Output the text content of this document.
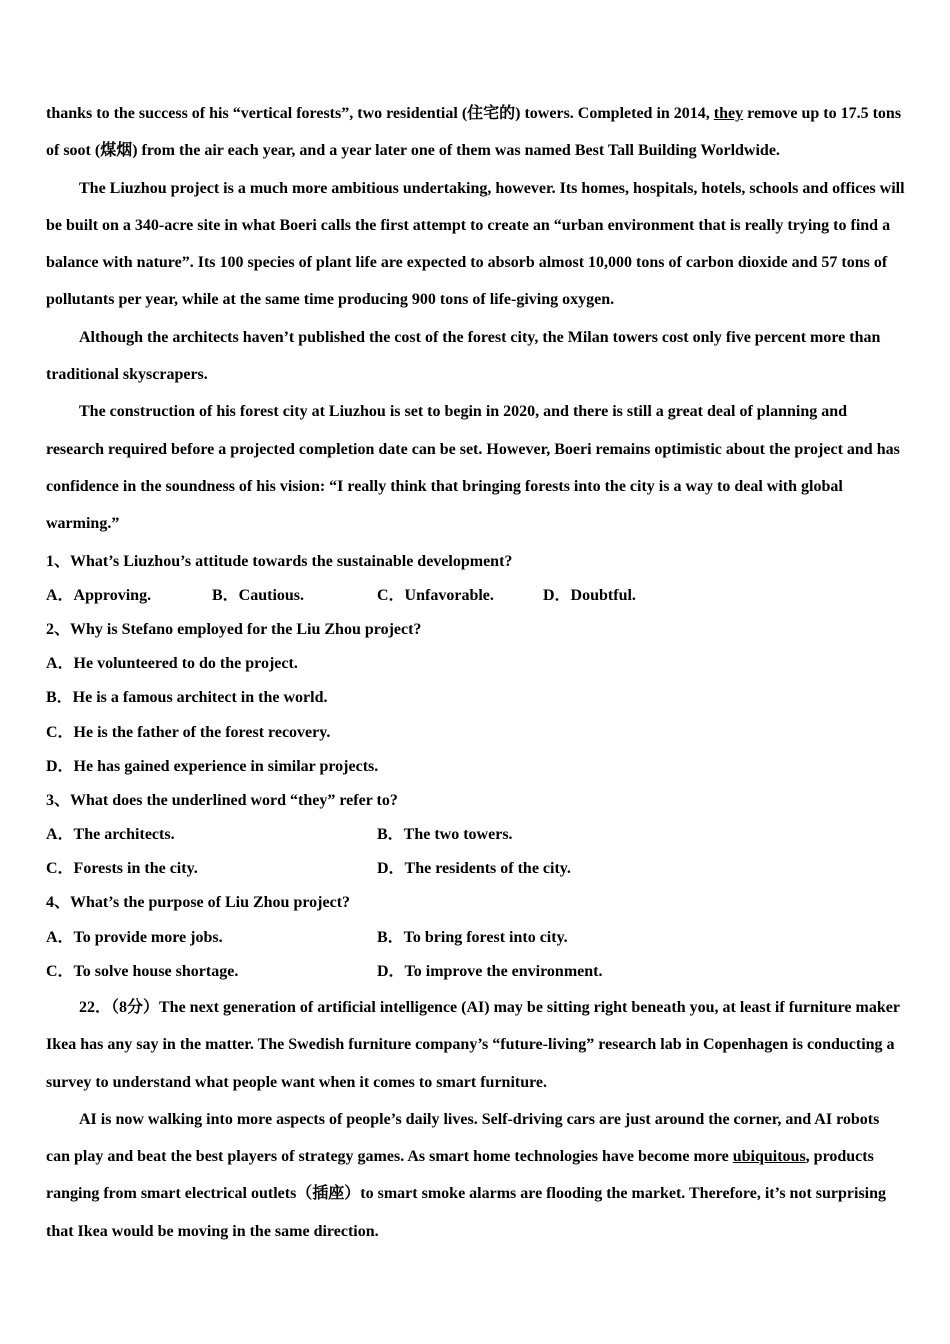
thanks to the success of his “vertical forests”, two residential (住宅的) towers. Completed in 2014, they remove up to 17.5 tons of soot (煤烟) from the air each year, and a year later one of them was named Best Tall Building Worldwide.

The Liuzhou project is a much more ambitious undertaking, however. Its homes, hospitals, hotels, schools and offices will be built on a 340-acre site in what Boeri calls the first attempt to create an “urban environment that is really trying to find a balance with nature”. Its 100 species of plant life are expected to absorb almost 10,000 tons of carbon dioxide and 57 tons of pollutants per year, while at the same time producing 900 tons of life-giving oxygen.

Although the architects haven’t published the cost of the forest city, the Milan towers cost only five percent more than traditional skyscrapers.

The construction of his forest city at Liuzhou is set to begin in 2020, and there is still a great deal of planning and research required before a projected completion date can be set. However, Boeri remains optimistic about the project and has confidence in the soundness of his vision: “I really think that bringing forests into the city is a way to deal with global warming.”

1、What’s Liuzhou’s attitude towards the sustainable development?
A．Approving.	B．Cautious.	C．Unfavorable.	D．Doubtful.
2、Why is Stefano employed for the Liu Zhou project?
A．He volunteered to do the project.
B．He is a famous architect in the world.
C．He is the father of the forest recovery.
D．He has gained experience in similar projects.
3、What does the underlined word “they” refer to?
A．The architects.	B．The two towers.
C．Forests in the city.	D．The residents of the city.
4、What’s the purpose of Liu Zhou project?
A．To provide more jobs.	B．To bring forest into city.
C．To solve house shortage.	D．To improve the environment.

22．（8分）The next generation of artificial intelligence (AI) may be sitting right beneath you, at least if furniture maker Ikea has any say in the matter. The Swedish furniture company’s “future-living” research lab in Copenhagen is conducting a survey to understand what people want when it comes to smart furniture.

AI is now walking into more aspects of people’s daily lives. Self-driving cars are just around the corner, and AI robots can play and beat the best players of strategy games. As smart home technologies have become more ubiquitous, products ranging from smart electrical outlets（插座）to smart smoke alarms are flooding the market. Therefore, it’s not surprising that Ikea would be moving in the same direction.
